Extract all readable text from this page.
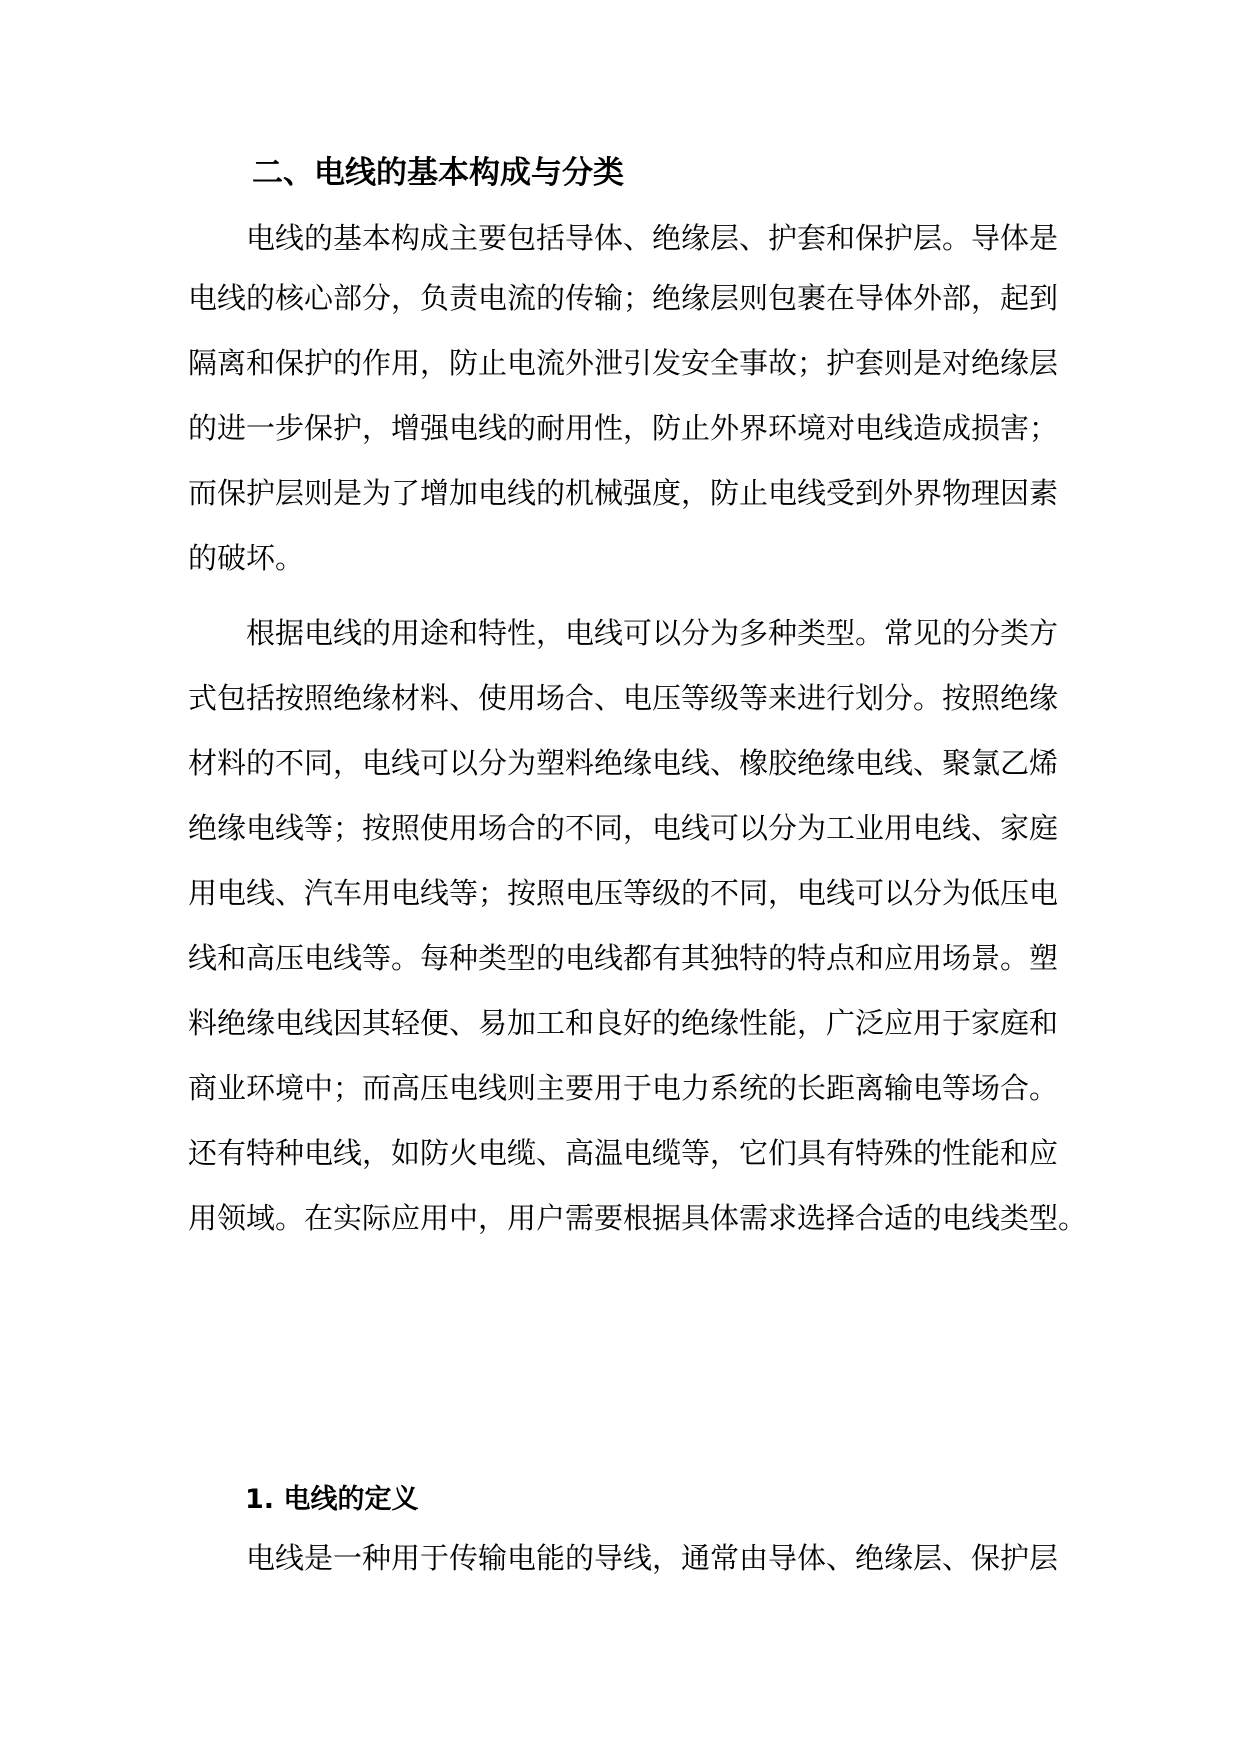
二、电线的基本构成与分类

电线的基本构成主要包括导体、绝缘层、护套和保护层。导体是

电线的核心部分，负责电流的传输；绝缘层则包裹在导体外部，起到

隔离和保护的作用，防止电流外泄引发安全事故；护套则是对绝缘层

的进一步保护，增强电线的耐用性，防止外界环境对电线造成损害；

而保护层则是为了增加电线的机械强度，防止电线受到外界物理因素

的破坏。

根据电线的用途和特性，电线可以分为多种类型。常见的分类方

式包括按照绝缘材料、使用场合、电压等级等来进行划分。按照绝缘

材料的不同，电线可以分为塑料绝缘电线、橡胶绝缘电线、聚氯乙烯

绝缘电线等；按照使用场合的不同，电线可以分为工业用电线、家庭

用电线、汽车用电线等；按照电压等级的不同，电线可以分为低压电

线和高压电线等。每种类型的电线都有其独特的特点和应用场景。塑

料绝缘电线因其轻便、易加工和良好的绝缘性能，广泛应用于家庭和

商业环境中；而高压电线则主要用于电力系统的长距离输电等场合。

还有特种电线，如防火电缆、高温电缆等，它们具有特殊的性能和应

用领域。在实际应用中，用户需要根据具体需求选择合适的电线类型。

1. 电线的定义

电线是一种用于传输电能的导线，通常由导体、绝缘层、保护层
